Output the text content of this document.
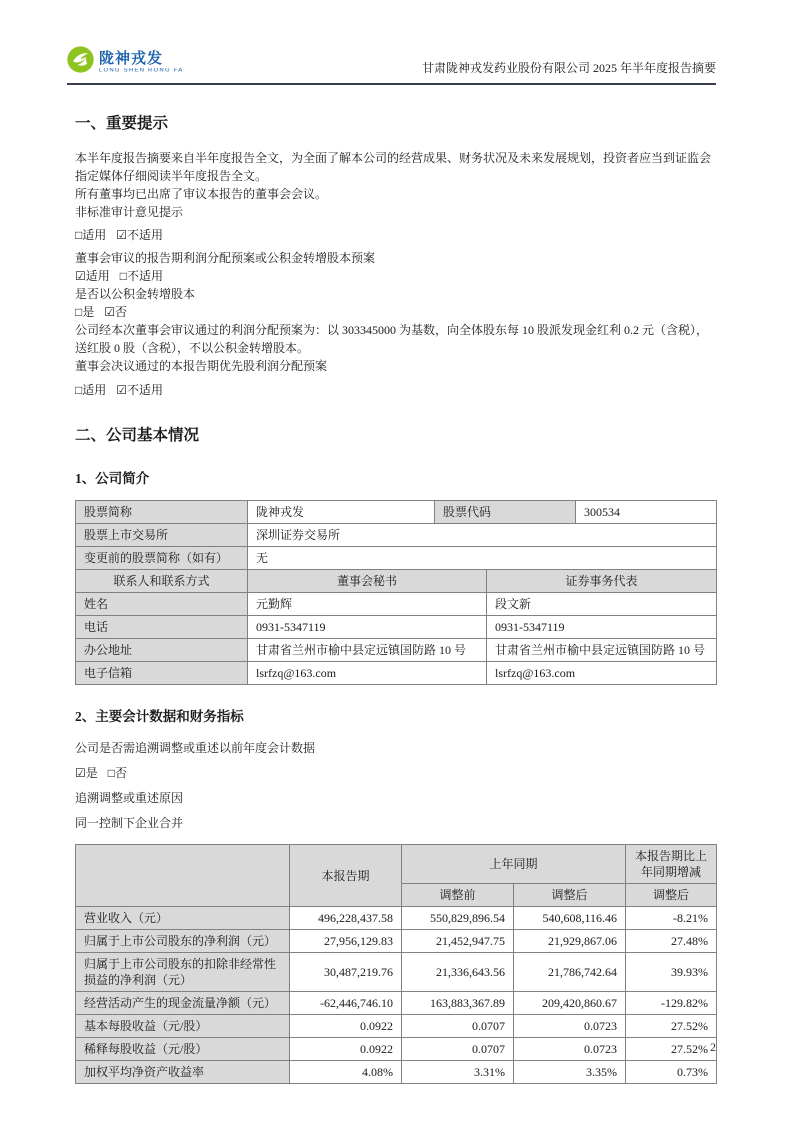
陇神戎发
LONG SHEN RONG FA	甘肃陇神戎发药业股份有限公司 2025 年半年度报告摘要
一、重要提示

本半年度报告摘要来自半年度报告全文，为全面了解本公司的经营成果、财务状况及未来发展规划，投资者应当到证监会指定媒体仔细阅读半年度报告全文。

所有董事均已出席了审议本报告的董事会会议。

非标准审计意见提示

□适用 ☑不适用

董事会审议的报告期利润分配预案或公积金转增股本预案

☑适用 □不适用

是否以公积金转增股本

□是 ☑否

公司经本次董事会审议通过的利润分配预案为：以 303345000 为基数，向全体股东每 10 股派发现金红利 0.2 元（含税），送红股 0 股（含税），不以公积金转增股本。

董事会决议通过的本报告期优先股利润分配预案

□适用 ☑不适用

二、公司基本情况
1、公司简介
股票简称	陇神戎发	股票代码	300534
股票上市交易所	深圳证券交易所		
变更前的股票简称（如有）	无		
联系人和联系方式	董事会秘书	证券事务代表
姓名	元勤辉	段文新
电话	0931-5347119	0931-5347119
办公地址	甘肃省兰州市榆中县定远镇国防路 10 号	甘肃省兰州市榆中县定远镇国防路 10 号
电子信箱	lsrfzq@163.com	lsrfzq@163.com
2、主要会计数据和财务指标

公司是否需追溯调整或重述以前年度会计数据

☑是 □否

追溯调整或重述原因

同一控制下企业合并

	本报告期	上年同期		本报告期比上年同期增减
		调整前	调整后	调整后
营业收入（元）	496,228,437.58	550,829,896.54	540,608,116.46	-8.21%
归属于上市公司股东的净利润（元）	27,956,129.83	21,452,947.75	21,929,867.06	27.48%
归属于上市公司股东的扣除非经常性损益的净利润（元）	30,487,219.76	21,336,643.56	21,786,742.64	39.93%
经营活动产生的现金流量净额（元）	-62,446,746.10	163,883,367.89	209,420,860.67	-129.82%
基本每股收益（元/股）	0.0922	0.0707	0.0723	27.52%
稀释每股收益（元/股）	0.0922	0.0707	0.0723	27.52%
加权平均净资产收益率	4.08%	3.31%	3.35%	0.73%
2
